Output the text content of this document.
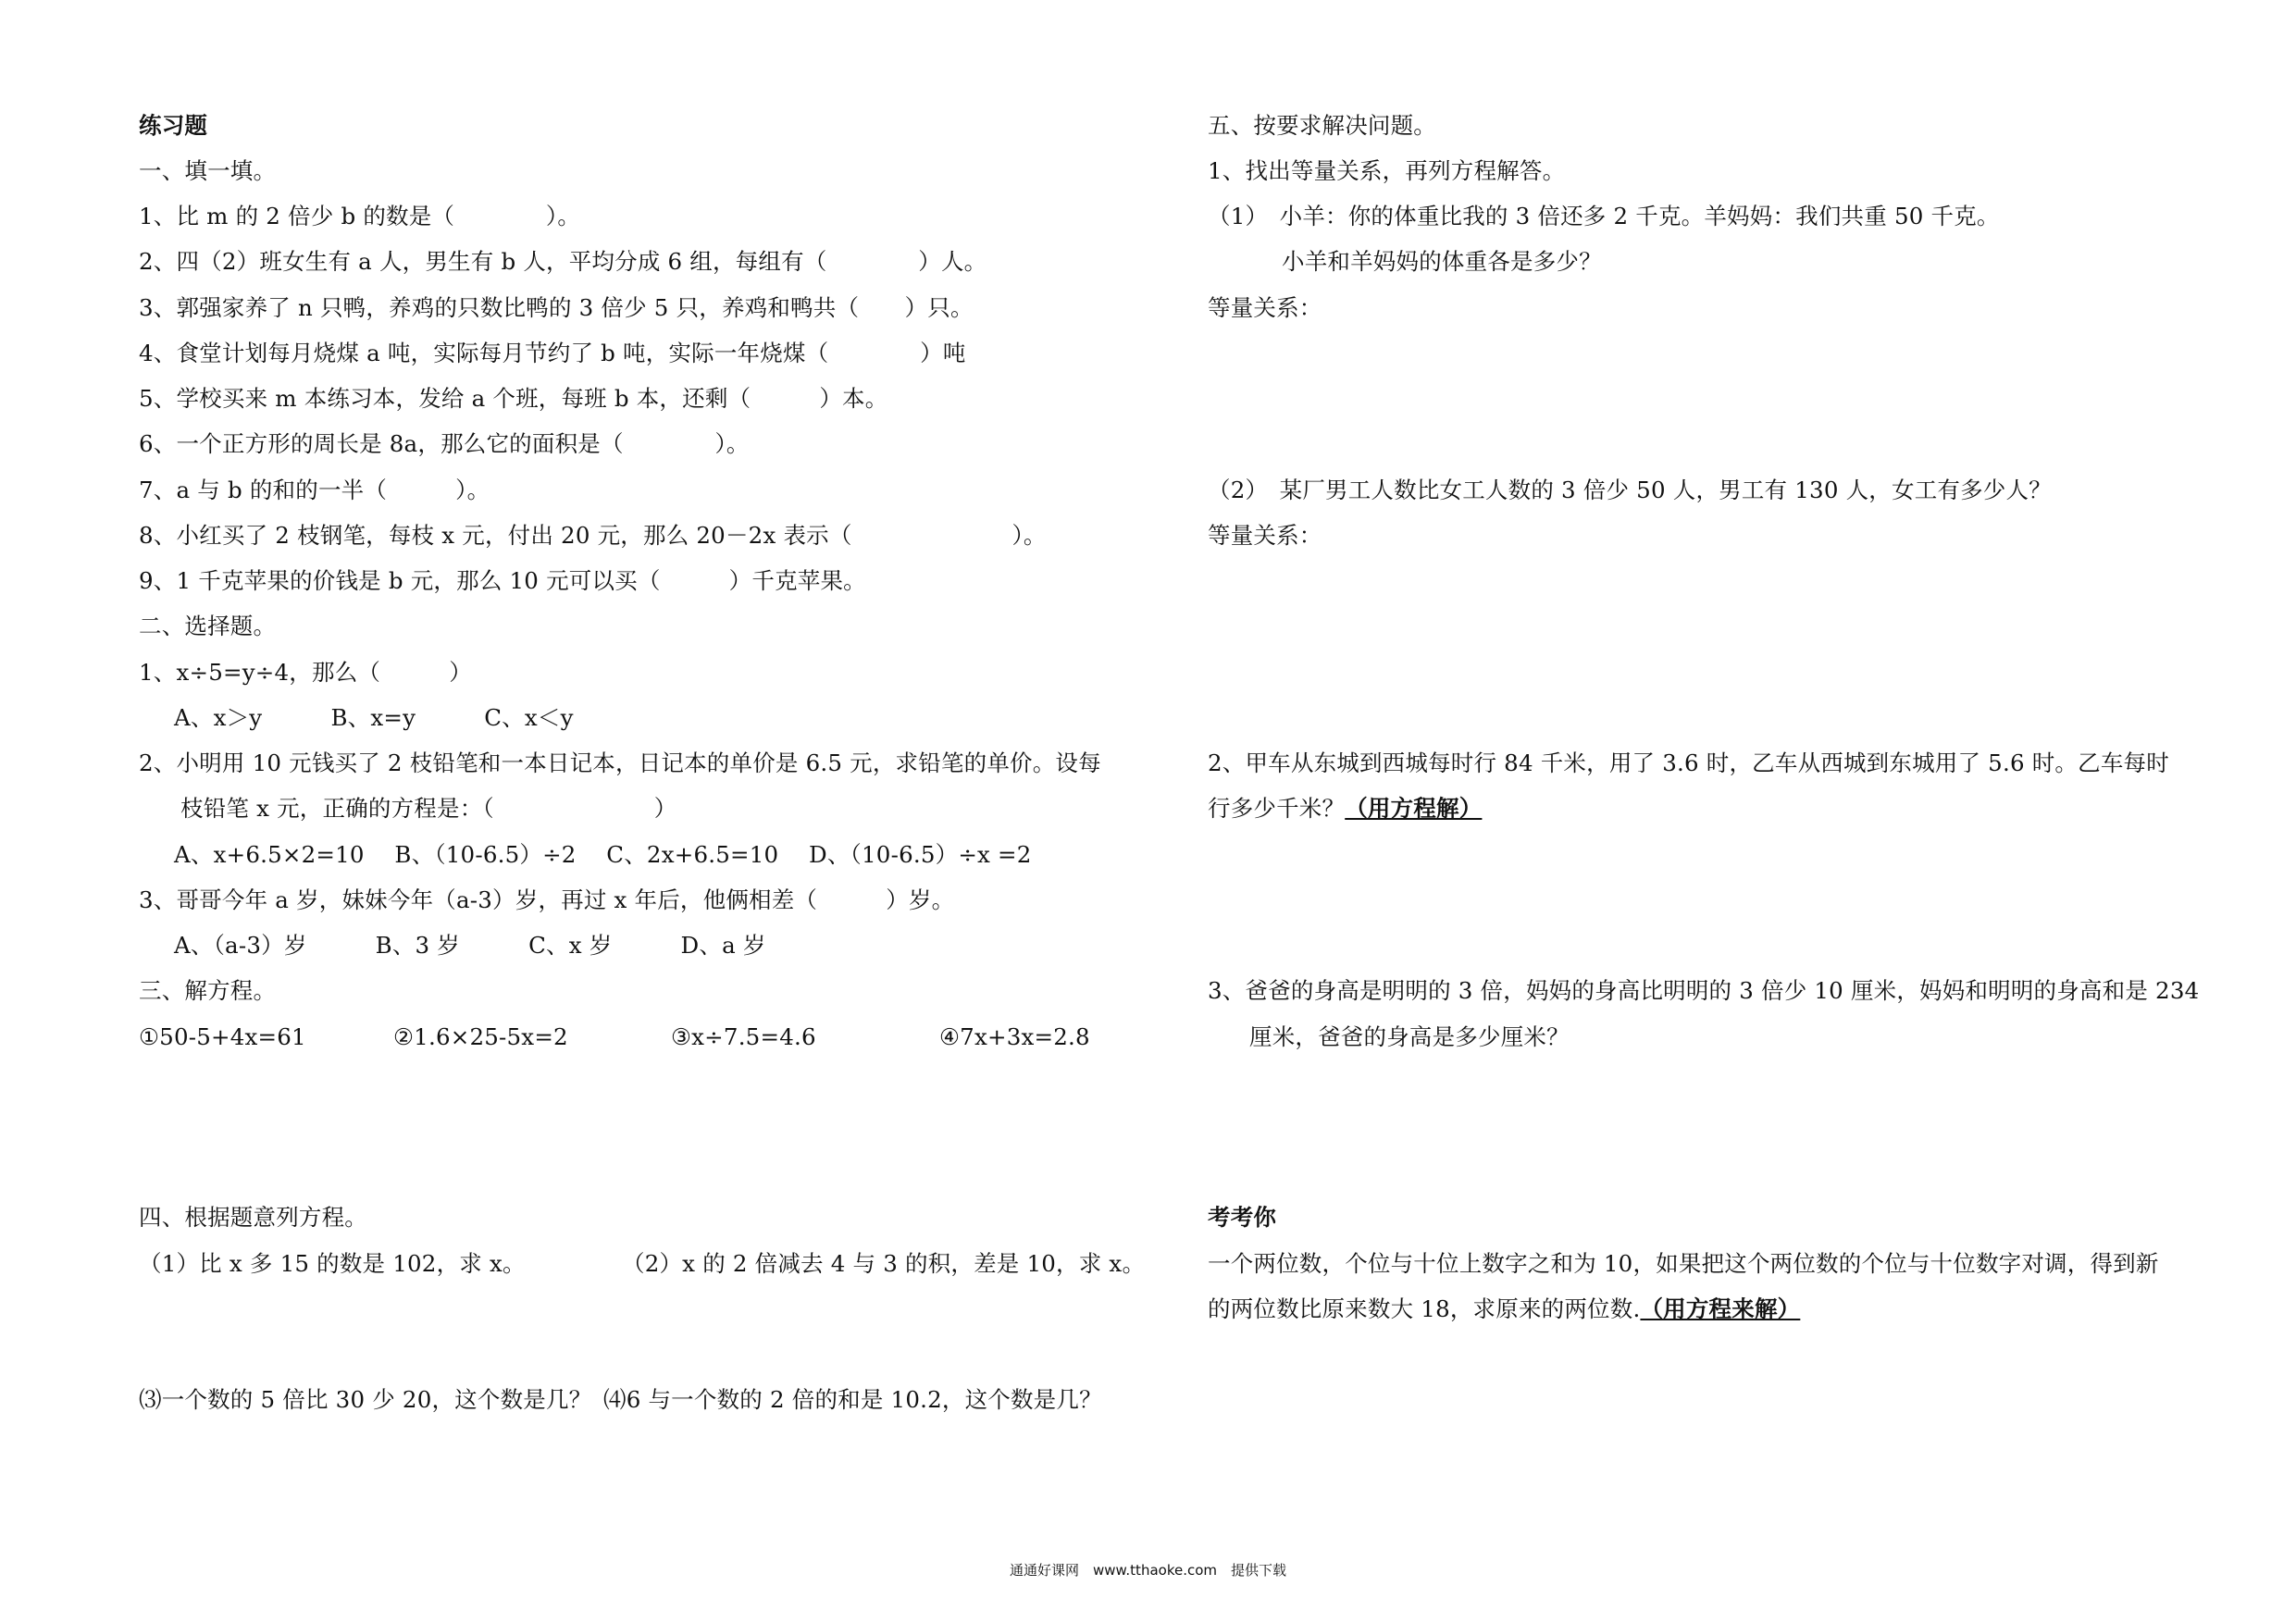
练习题
一、填一填。
1、比 m 的 2 倍少 b 的数是（　　　　）。
2、四（2）班女生有 a 人，男生有 b 人，平均分成 6 组，每组有（　　　　）人。
3、郭强家养了 n 只鸭，养鸡的只数比鸭的 3 倍少 5 只，养鸡和鸭共（　　）只。
4、食堂计划每月烧煤 a 吨，实际每月节约了 b 吨，实际一年烧煤（　　　　）吨
5、学校买来 m 本练习本，发给 a 个班，每班 b 本，还剩（　　　）本。
6、一个正方形的周长是 8a，那么它的面积是（　　　　）。
7、a 与 b 的和的一半（　　　）。
8、小红买了 2 枝钢笔，每枝 x 元，付出 20 元，那么 20－2x 表示（　　　　　　　）。
9、1 千克苹果的价钱是 b 元，那么 10 元可以买（　　　）千克苹果。
二、选择题。
1、x÷5=y÷4，那么（　　　）
A、x＞y　　　B、x=y　　　C、x＜y
2、小明用 10 元钱买了 2 枝铅笔和一本日记本，日记本的单价是 6.5 元，求铅笔的单价。设每
枝铅笔 x 元，正确的方程是：（　　　　　　　）
A、x+6.5×2=10　 B、（10-6.5）÷2　 C、2x+6.5=10　 D、（10-6.5）÷x =2
3、哥哥今年 a 岁，妹妹今年（a-3）岁，再过 x 年后，他俩相差（　　　）岁。
A、（a-3）岁　　　B、3 岁　　　C、x 岁　　　D、a 岁
三、解方程。
①50-5+4x=61	②1.6×25-5x=2	③x÷7.5=4.6	④7x+3x=2.8
四、根据题意列方程。
（1）比 x 多 15 的数是 102，求 x。	（2）x 的 2 倍减去 4 与 3 的积，差是 10，求 x。
⑶一个数的 5 倍比 30 少 20，这个数是几？ ⑷6 与一个数的 2 倍的和是 10.2，这个数是几？
五、按要求解决问题。
1、找出等量关系，再列方程解答。
（1）　小羊：你的体重比我的 3 倍还多 2 千克。羊妈妈：我们共重 50 千克。
小羊和羊妈妈的体重各是多少？
等量关系：
（2）　某厂男工人数比女工人数的 3 倍少 50 人，男工有 130 人，女工有多少人？
等量关系：
2、甲车从东城到西城每时行 84 千米，用了 3.6 时，乙车从西城到东城用了 5.6 时。乙车每时
行多少千米？（用方程解）
3、爸爸的身高是明明的 3 倍，妈妈的身高比明明的 3 倍少 10 厘米，妈妈和明明的身高和是 234
厘米，爸爸的身高是多少厘米？
考考你
一个两位数，个位与十位上数字之和为 10，如果把这个两位数的个位与十位数字对调，得到新
的两位数比原来数大 18，求原来的两位数.（用方程来解）
通通好课网　www.tthaoke.com　提供下载
